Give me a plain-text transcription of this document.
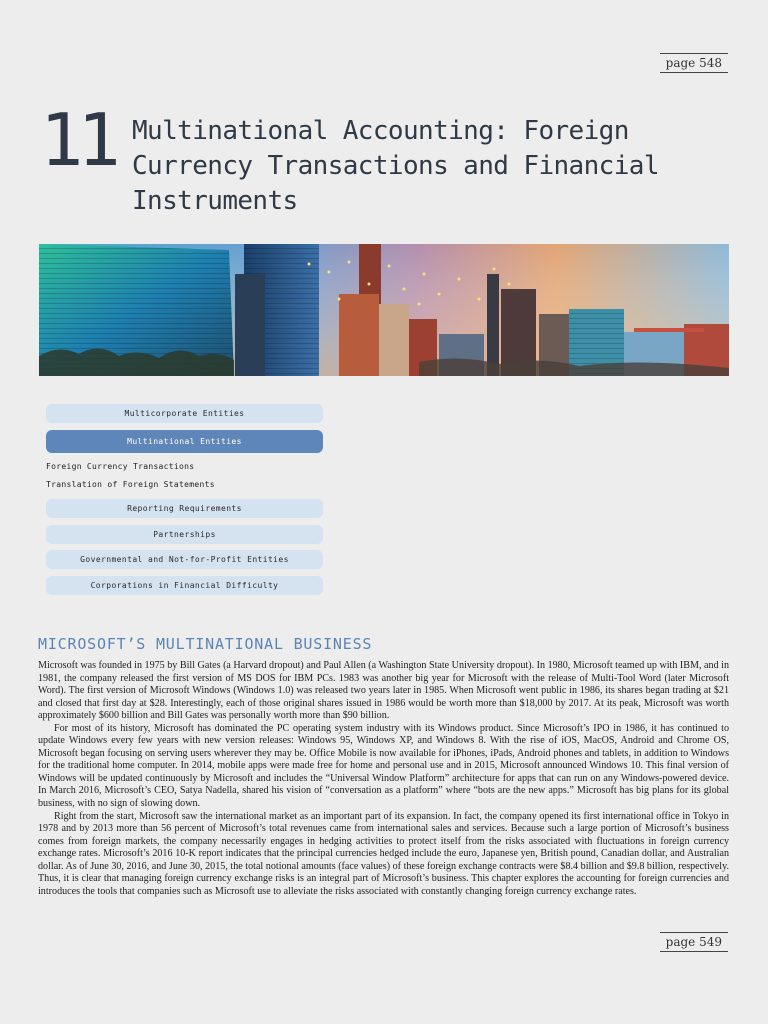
page 548
11 Multinational Accounting: Foreign Currency Transactions and Financial Instruments
Multicorporate Entities
Multinational Entities
Foreign Currency Transactions
Translation of Foreign Statements
Reporting Requirements
Partnerships
Governmental and Not-for-Profit Entities
Corporations in Financial Difficulty
MICROSOFT’S MULTINATIONAL BUSINESS

Microsoft was founded in 1975 by Bill Gates (a Harvard dropout) and Paul Allen (a Washington State University dropout). In 1980, Microsoft teamed up with IBM, and in 1981, the company released the first version of MS DOS for IBM PCs. 1983 was another big year for Microsoft with the release of Multi-Tool Word (later Microsoft Word). The first version of Microsoft Windows (Windows 1.0) was released two years later in 1985. When Microsoft went public in 1986, its shares began trading at $21 and closed that first day at $28. Interestingly, each of those original shares issued in 1986 would be worth more than $18,000 by 2017. At its peak, Microsoft was worth approximately $600 billion and Bill Gates was personally worth more than $90 billion.

For most of its history, Microsoft has dominated the PC operating system industry with its Windows product. Since Microsoft’s IPO in 1986, it has continued to update Windows every few years with new version releases: Windows 95, Windows XP, and Windows 8. With the rise of iOS, MacOS, Android and Chrome OS, Microsoft began focusing on serving users wherever they may be. Office Mobile is now available for iPhones, iPads, Android phones and tablets, in addition to Windows for the traditional home computer. In 2014, mobile apps were made free for home and personal use and in 2015, Microsoft announced Windows 10. This final version of Windows will be updated continuously by Microsoft and includes the “Universal Window Platform” architecture for apps that can run on any Windows-powered device. In March 2016, Microsoft’s CEO, Satya Nadella, shared his vision of “conversation as a platform” where “bots are the new apps.” Microsoft has big plans for its global business, with no sign of slowing down.

Right from the start, Microsoft saw the international market as an important part of its expansion. In fact, the company opened its first international office in Tokyo in 1978 and by 2013 more than 56 percent of Microsoft’s total revenues came from international sales and services. Because such a large portion of Microsoft’s business comes from foreign markets, the company necessarily engages in hedging activities to protect itself from the risks associated with fluctuations in foreign currency exchange rates. Microsoft’s 2016 10-K report indicates that the principal currencies hedged include the euro, Japanese yen, British pound, Canadian dollar, and Australian dollar. As of June 30, 2016, and June 30, 2015, the total notional amounts (face values) of these foreign exchange contracts were $8.4 billion and $9.8 billion, respectively. Thus, it is clear that managing foreign currency exchange risks is an integral part of Microsoft’s business. This chapter explores the accounting for foreign currencies and introduces the tools that companies such as Microsoft use to alleviate the risks associated with constantly changing foreign currency exchange rates.

page 549
